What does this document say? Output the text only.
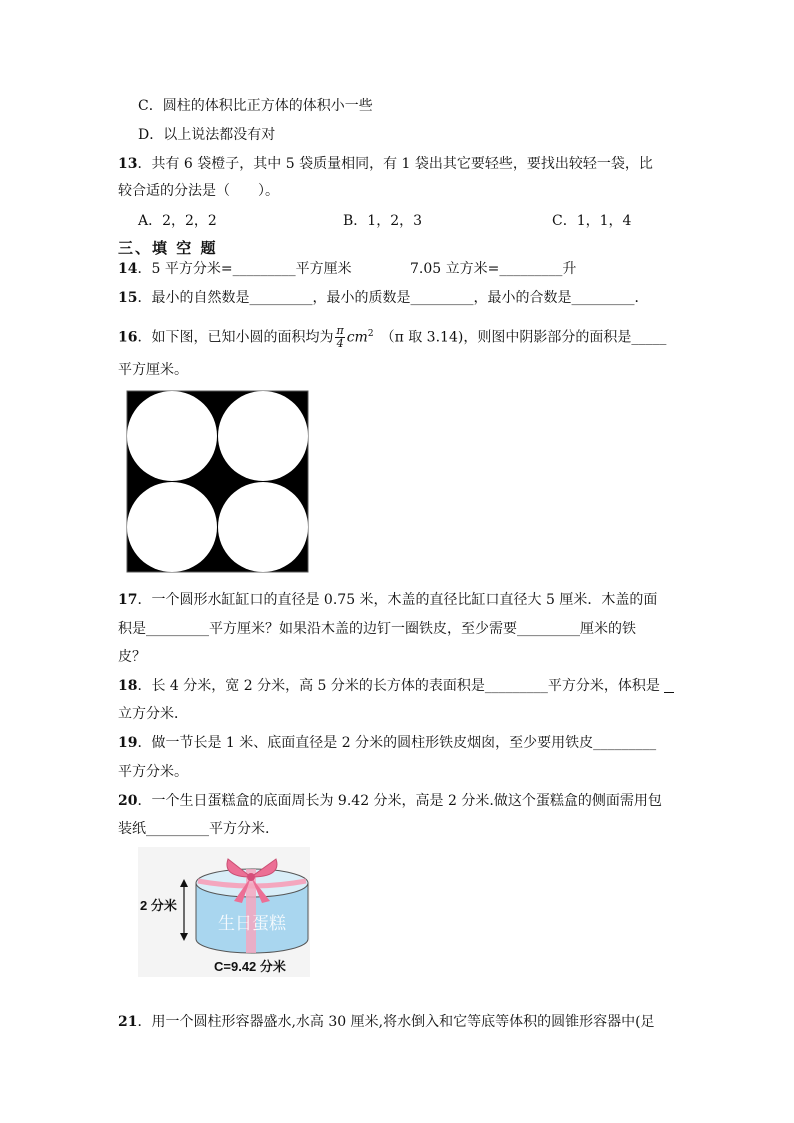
C．圆柱的体积比正方体的体积小一些
D．以上说法都没有对
13．共有 6 袋橙子，其中 5 袋质量相同，有 1 袋出其它要轻些，要找出较轻一袋，比
较合适的分法是（　　）。
A．2，2，2	B．1，2，3	C．1，1，4
三、填 空 题
14．5 平方分米=_________平方厘米	7.05 立方米=_________升
15．最小的自然数是_________，最小的质数是_________，最小的合数是_________．
16．如下图，已知小圆的面积均为 $\frac{\pi}{4} cm^2$　 （π 取 3.14)，则图中阴影部分的面积是_____
平方厘米。
17．一个圆形水缸缸口的直径是 0.75 米，木盖的直径比缸口直径大 5 厘米．木盖的面
积是_________平方厘米？如果沿木盖的边钉一圈铁皮，至少需要_________厘米的铁
皮？
18．长 4 分米，宽 2 分米，高 5 分米的长方体的表面积是_________平方分米，体积是
立方分米．
19．做一节长是 1 米、底面直径是 2 分米的圆柱形铁皮烟囱，至少要用铁皮_________
平方分米。
20．一个生日蛋糕盒的底面周长为 9.42 分米，高是 2 分米.做这个蛋糕盒的侧面需用包
装纸_________平方分米.
生日蛋糕
2 分米
C=9.42 分米
21．用一个圆柱形容器盛水,水高 30 厘米,将水倒入和它等底等体积的圆锥形容器中(足
